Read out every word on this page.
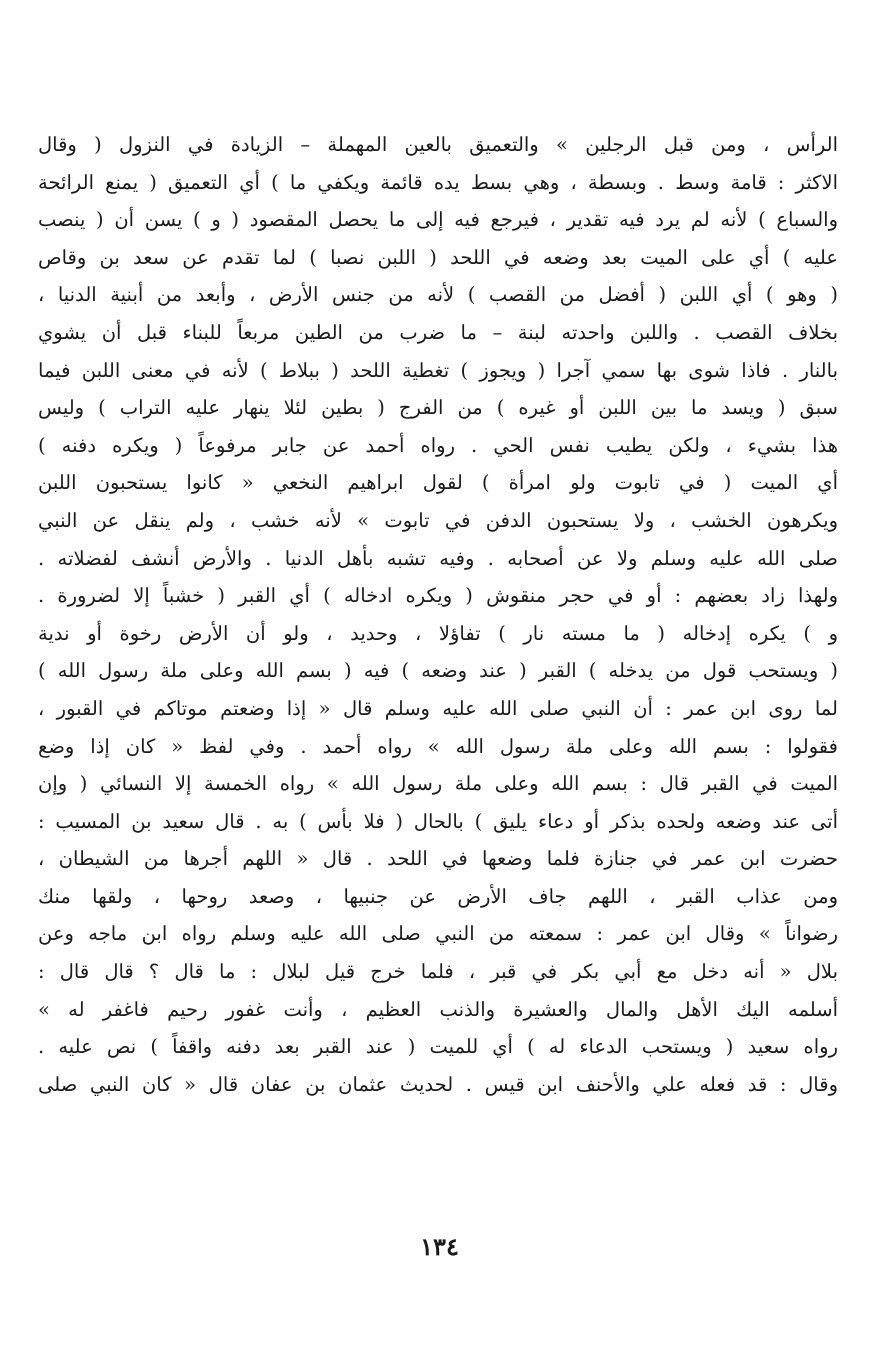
الرأس ، ومن قبل الرجلين » والتعميق بالعين المهملة – الزيادة في النزول ( وقال
الاكثر : قامة وسط . وبسطة ، وهي بسط يده قائمة ويكفي ما ) أي التعميق ( يمنع الرائحة
والسباع ) لأنه لم يرد فيه تقدير ، فيرجع فيه إلى ما يحصل المقصود ( و ) يسن أن ( ينصب
عليه ) أي على الميت بعد وضعه في اللحد ( اللبن نصبا ) لما تقدم عن سعد بن وقاص
( وهو ) أي اللبن ( أفضل من القصب ) لأنه من جنس الأرض ، وأبعد من أبنية الدنيا ،
بخلاف القصب . واللبن واحدته لبنة – ما ضرب من الطين مربعاً للبناء قبل أن يشوي
بالنار . فاذا شوى بها سمي آجرا ( ويجوز ) تغطية اللحد ( ببلاط ) لأنه في معنى اللبن فيما
سبق ( ويسد ما بين اللبن أو غيره ) من الفرج ( بطين لئلا ينهار عليه التراب ) وليس
هذا بشيء ، ولكن يطيب نفس الحي . رواه أحمد عن جابر مرفوعاً ( ويكره دفنه )
أي الميت ( في تابوت ولو امرأة ) لقول ابراهيم النخعي « كانوا يستحبون اللبن
ويكرهون الخشب ، ولا يستحبون الدفن في تابوت » لأنه خشب ، ولم ينقل عن النبي
صلى الله عليه وسلم ولا عن أصحابه . وفيه تشبه بأهل الدنيا . والأرض أنشف لفضلاته .
ولهذا زاد بعضهم : أو في حجر منقوش ( ويكره ادخاله ) أي القبر ( خشباً إلا لضرورة .
و ) يكره إدخاله ( ما مسته نار ) تفاؤلا ، وحديد ، ولو أن الأرض رخوة أو ندية
( ويستحب قول من يدخله ) القبر ( عند وضعه ) فيه ( بسم الله وعلى ملة رسول الله )
لما روى ابن عمر : أن النبي صلى الله عليه وسلم قال « إذا وضعتم موتاكم في القبور ،
فقولوا : بسم الله وعلى ملة رسول الله » رواه أحمد . وفي لفظ « كان إذا وضع
الميت في القبر قال : بسم الله وعلى ملة رسول الله » رواه الخمسة إلا النسائي ( وإن
أتى عند وضعه ولحده بذكر أو دعاء يليق ) بالحال ( فلا بأس ) به . قال سعيد بن المسيب :
حضرت ابن عمر في جنازة فلما وضعها في اللحد . قال « اللهم أجرها من الشيطان ،
ومن عذاب القبر ، اللهم جاف الأرض عن جنبيها ، وصعد روحها ، ولقها منك
رضواناً » وقال ابن عمر : سمعته من النبي صلى الله عليه وسلم رواه ابن ماجه وعن
بلال « أنه دخل مع أبي بكر في قبر ، فلما خرج قيل لبلال : ما قال ؟ قال قال :
أسلمه اليك الأهل والمال والعشيرة والذنب العظيم ، وأنت غفور رحيم فاغفر له »
رواه سعيد ( ويستحب الدعاء له ) أي للميت ( عند القبر بعد دفنه واقفاً ) نص عليه .
وقال : قد فعله علي والأحنف ابن قيس . لحديث عثمان بن عفان قال « كان النبي صلى
١٣٤
